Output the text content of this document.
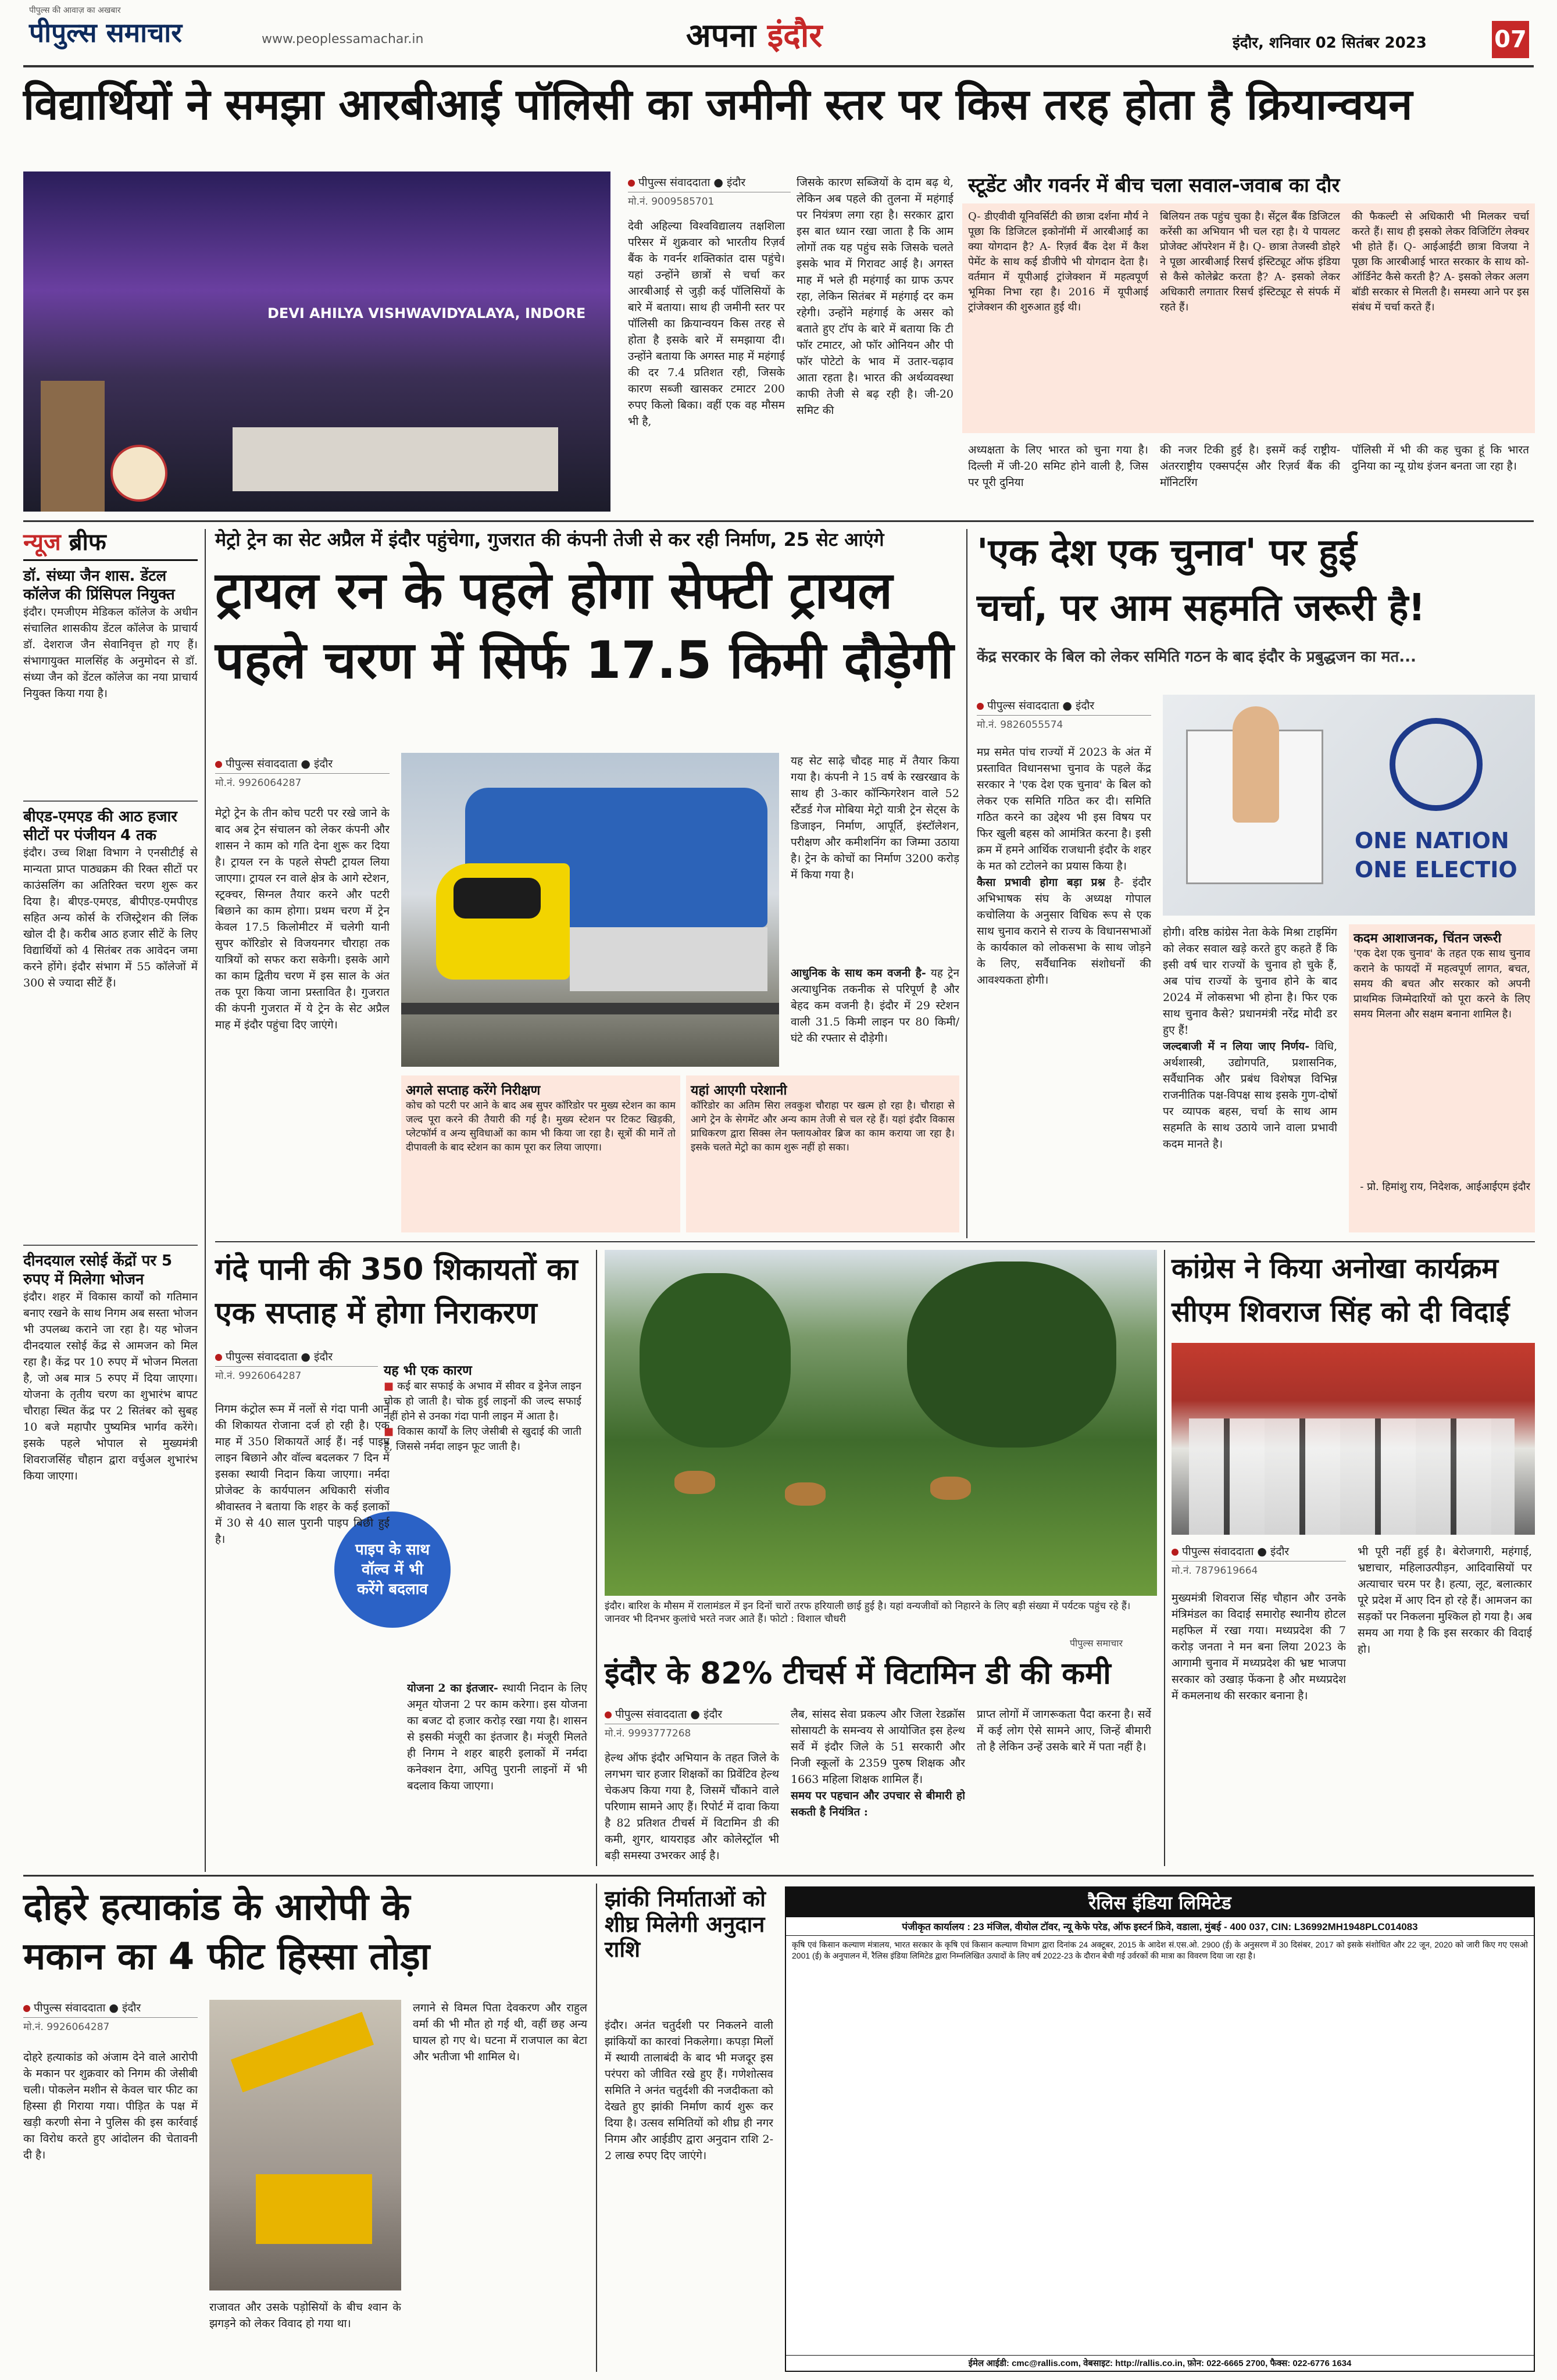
पीपुल्स की आवाज़ का अखबार
पीपुल्स समाचार	www.peoplessamachar.in	अपना इंदौर	इंदौर, शनिवार 02 सितंबर 2023	07
विद्यार्थियों ने समझा आरबीआई पॉलिसी का जमीनी स्तर पर किस तरह होता है क्रियान्वयन
DEVI AHILYA VISHWAVIDYALAYA, INDORE
पीपुल्स संवाददाता ● इंदौर
मो.नं. 9009585701
देवी अहिल्या विश्वविद्यालय तक्षशिला परिसर में शुक्रवार को भारतीय रिज़र्व बैंक के गवर्नर शक्तिकांत दास पहुंचे। यहां उन्होंने छात्रों से चर्चा कर आरबीआई से जुड़ी कई पॉलिसियों के बारे में बताया। साथ ही जमीनी स्तर पर पॉलिसी का क्रियान्वयन किस तरह से होता है इसके बारे में समझाया दी। उन्होंने बताया कि अगस्त माह में महंगाई की दर 7.4 प्रतिशत रही, जिसके कारण सब्जी खासकर टमाटर 200 रुपए किलो बिका। वहीं एक वह मौसम भी है,
जिसके कारण सब्जियों के दाम बढ़ थे, लेकिन अब पहले की तुलना में महंगाई पर नियंत्रण लगा रहा है। सरकार द्वारा इस बात ध्यान रखा जाता है कि आम लोगों तक यह पहुंच सके जिसके चलते इसके भाव में गिरावट आई है। अगस्त माह में भले ही महंगाई का ग्राफ ऊपर रहा, लेकिन सितंबर में महंगाई दर कम रहेगी। उन्होंने महंगाई के असर को बताते हुए टॉप के बारे में बताया कि टी फॉर टमाटर, ओ फॉर ओनियन और पी फॉर पोटेटो के भाव में उतार-चढ़ाव आता रहता है। भारत की अर्थव्यवस्था काफी तेजी से बढ़ रही है। जी-20 समिट की
स्टूडेंट और गवर्नर में बीच चला सवाल-जवाब का दौर
Q- डीएवीवी यूनिवर्सिटी की छात्रा दर्शना मौर्य ने पूछा कि डिजिटल इकोनॉमी में आरबीआई का क्या योगदान है? A- रिज़र्व बैंक देश में कैश पेमेंट के साथ कई डीजीपे भी योगदान देता है। वर्तमान में यूपीआई ट्रांजेक्शन में महत्वपूर्ण भूमिका निभा रहा है। 2016 में यूपीआई ट्रांजेक्शन की शुरुआत हुई थी।
बिलियन तक पहुंच चुका है। सेंट्रल बैंक डिजिटल करेंसी का अभियान भी चल रहा है। ये पायलट प्रोजेक्ट ऑपरेशन में है। Q- छात्रा तेजस्वी डोहरे ने पूछा आरबीआई रिसर्च इंस्टिट्यूट ऑफ इंडिया से कैसे कोलेब्रेट करता है? A- इसको लेकर अधिकारी लगातार रिसर्च इंस्टिट्यूट से संपर्क में रहते हैं।
की फैकल्टी से अधिकारी भी मिलकर चर्चा करते हैं। साथ ही इसको लेकर विजिटिंग लेक्चर भी होते हैं। Q- आईआईटी छात्रा विजया ने पूछा कि आरबीआई भारत सरकार के साथ को-ऑर्डिनेट कैसे करती है? A- इसको लेकर अलग बॉडी सरकार से मिलती है। समस्या आने पर इस संबंध में चर्चा करते हैं।
अध्यक्षता के लिए भारत को चुना गया है। दिल्ली में जी-20 समिट होने वाली है, जिस पर पूरी दुनिया
की नजर टिकी हुई है। इसमें कई राष्ट्रीय-अंतरराष्ट्रीय एक्सपर्ट्स और रिज़र्व बैंक की मॉनिटरिंग
पॉलिसी में भी की कह चुका हूं कि भारत दुनिया का न्यू ग्रोथ इंजन बनता जा रहा है।
न्यूज ब्रीफ
डॉ. संध्या जैन शास. डेंटल कॉलेज की प्रिंसिपल नियुक्त
इंदौर। एमजीएम मेडिकल कॉलेज के अधीन संचालित शासकीय डेंटल कॉलेज के प्राचार्य डॉ. देशराज जैन सेवानिवृत्त हो गए हैं। संभागायुक्त मालसिंह के अनुमोदन से डॉ. संध्या जैन को डेंटल कॉलेज का नया प्राचार्य नियुक्त किया गया है।
बीएड-एमएड की आठ हजार सीटों पर पंजीयन 4 तक
इंदौर। उच्च शिक्षा विभाग ने एनसीटीई से मान्यता प्राप्त पाठ्यक्रम की रिक्त सीटों पर काउंसलिंग का अतिरिक्त चरण शुरू कर दिया है। बीएड-एमएड, बीपीएड-एमपीएड सहित अन्य कोर्स के रजिस्ट्रेशन की लिंक खोल दी है। करीब आठ हजार सीटें के लिए विद्यार्थियों को 4 सितंबर तक आवेदन जमा करने होंगे। इंदौर संभाग में 55 कॉलेजों में 300 से ज्यादा सीटें हैं।
दीनदयाल रसोई केंद्रों पर 5 रुपए में मिलेगा भोजन
इंदौर। शहर में विकास कार्यों को गतिमान बनाए रखने के साथ निगम अब सस्ता भोजन भी उपलब्ध कराने जा रहा है। यह भोजन दीनदयाल रसोई केंद्र से आमजन को मिल रहा है। केंद्र पर 10 रुपए में भोजन मिलता है, जो अब मात्र 5 रुपए में दिया जाएगा। योजना के तृतीय चरण का शुभारंभ बापट चौराहा स्थित केंद्र पर 2 सितंबर को सुबह 10 बजे महापौर पुष्यमित्र भार्गव करेंगे। इसके पहले भोपाल से मुख्यमंत्री शिवराजसिंह चौहान द्वारा वर्चुअल शुभारंभ किया जाएगा।
मेट्रो ट्रेन का सेट अप्रैल में इंदौर पहुंचेगा, गुजरात की कंपनी तेजी से कर रही निर्माण, 25 सेट आएंगे
ट्रायल रन के पहले होगा सेफ्टी ट्रायल
पहले चरण में सिर्फ 17.5 किमी दौड़ेगी
पीपुल्स संवाददाता ● इंदौर
मो.नं. 9926064287
मेट्रो ट्रेन के तीन कोच पटरी पर रखे जाने के बाद अब ट्रेन संचालन को लेकर कंपनी और शासन ने काम को गति देना शुरू कर दिया है। ट्रायल रन के पहले सेफ्टी ट्रायल लिया जाएगा। ट्रायल रन वाले क्षेत्र के आगे स्टेशन, स्ट्रक्चर, सिग्नल तैयार करने और पटरी बिछाने का काम होगा। प्रथम चरण में ट्रेन केवल 17.5 किलोमीटर में चलेगी यानी सुपर कॉरिडोर से विजयनगर चौराहा तक यात्रियों को सफर करा सकेगी। इसके आगे का काम द्वितीय चरण में इस साल के अंत तक पूरा किया जाना प्रस्तावित है। गुजरात की कंपनी गुजरात में ये ट्रेन के सेट अप्रैल माह में इंदौर पहुंचा दिए जाएंगे।
यह सेट साढ़े चौदह माह में तैयार किया गया है। कंपनी ने 15 वर्ष के रखरखाव के साथ ही 3-कार कॉन्फिगरेशन वाले 52 स्टैंडर्ड गेज मोबिया मेट्रो यात्री ट्रेन सेट्स के डिजाइन, निर्माण, आपूर्ति, इंस्टॉलेशन, परीक्षण और कमीशनिंग का जिम्मा उठाया है। ट्रेन के कोचों का निर्माण 3200 करोड़ में किया गया है।
आधुनिक के साथ कम वजनी है- यह ट्रेन अत्याधुनिक तकनीक से परिपूर्ण है और बेहद कम वजनी है। इंदौर में 29 स्टेशन वाली 31.5 किमी लाइन पर 80 किमी/घंटे की रफ्तार से दौड़ेगी।
अगले सप्ताह करेंगे निरीक्षण
कोच को पटरी पर आने के बाद अब सुपर कॉरिडोर पर मुख्य स्टेशन का काम जल्द पूरा करने की तैयारी की गई है। मुख्य स्टेशन पर टिकट खिड़की, प्लेटफॉर्म व अन्य सुविधाओं का काम भी किया जा रहा है। सूत्रों की मानें तो दीपावली के बाद स्टेशन का काम पूरा कर लिया जाएगा।
यहां आएगी परेशानी
कॉरिडोर का अतिम सिरा लवकुश चौराहा पर खत्म हो रहा है। चौराहा से आगे ट्रेन के सेगमेंट और अन्य काम तेजी से चल रहे हैं। यहां इंदौर विकास प्राधिकरण द्वारा सिक्स लेन फ्लायओवर ब्रिज का काम कराया जा रहा है। इसके चलते मेट्रो का काम शुरू नहीं हो सका।
'एक देश एक चुनाव' पर हुई
चर्चा, पर आम सहमति जरूरी है!
केंद्र सरकार के बिल को लेकर समिति गठन के बाद इंदौर के प्रबुद्धजन का मत...
पीपुल्स संवाददाता ● इंदौर
मो.नं. 9826055574
मप्र समेत पांच राज्यों में 2023 के अंत में प्रस्तावित विधानसभा चुनाव के पहले केंद्र सरकार ने 'एक देश एक चुनाव' के बिल को लेकर एक समिति गठित कर दी। समिति गठित करने का उद्देश्य भी इस विषय पर फिर खुली बहस को आमंत्रित करना है। इसी क्रम में हमने आर्थिक राजधानी इंदौर के शहर के मत को टटोलने का प्रयास किया है।
कैसा प्रभावी होगा बड़ा प्रश्न है- इंदौर अभिभाषक संघ के अध्यक्ष गोपाल कचोलिया के अनुसार विधिक रूप से एक साथ चुनाव कराने से राज्य के विधानसभाओं के कार्यकाल को लोकसभा के साथ जोड़ने के लिए, सर्वैधानिक संशोधनों की आवश्यकता होगी।
ONE NATION
ONE ELECTIO
होगी। वरिष्ठ कांग्रेस नेता केके मिश्रा टाइमिंग को लेकर सवाल खड़े करते हुए कहते हैं कि इसी वर्ष चार राज्यों के चुनाव हो चुके हैं, अब पांच राज्यों के चुनाव होने के बाद 2024 में लोकसभा भी होना है। फिर एक साथ चुनाव कैसे? प्रधानमंत्री नरेंद्र मोदी डर हुए हैं!
जल्दबाजी में न लिया जाए निर्णय- विधि, अर्थशास्त्री, उद्योगपति, प्रशासनिक, सर्वैधानिक और प्रबंध विशेषज्ञ विभिन्न राजनीतिक पक्ष-विपक्ष साथ इसके गुण-दोषों पर व्यापक बहस, चर्चा के साथ आम सहमति के साथ उठाये जाने वाला प्रभावी कदम मानते है।
कदम आशाजनक, चिंतन जरूरी
'एक देश एक चुनाव' के तहत एक साथ चुनाव कराने के फायदों में महत्वपूर्ण लागत, बचत, समय की बचत और सरकार को अपनी प्राथमिक जिम्मेदारियों को पूरा करने के लिए समय मिलना और सक्षम बनाना शामिल है।
- प्रो. हिमांशु राय, निदेशक, आईआईएम इंदौर
गंदे पानी की 350 शिकायतों का
एक सप्ताह में होगा निराकरण
पीपुल्स संवाददाता ● इंदौर
मो.नं. 9926064287	यह भी एक कारण
■ कई बार सफाई के अभाव में सीवर व ड्रेनेज लाइन चोक हो जाती है। चोक हुई लाइनों की जल्द सफाई नहीं होने से उनका गंदा पानी लाइन में आता है।
■ विकास कार्यों के लिए जेसीबी से खुदाई की जाती है, जिससे नर्मदा लाइन फूट जाती है।
पाइप के साथ वॉल्व में भी करेंगे बदलाव
निगम कंट्रोल रूम में नलों से गंदा पानी आने की शिकायत रोजाना दर्ज हो रही है। एक माह में 350 शिकायतें आई हैं। नई पाइप लाइन बिछाने और वॉल्व बदलकर 7 दिन में इसका स्थायी निदान किया जाएगा। नर्मदा प्रोजेक्ट के कार्यपालन अधिकारी संजीव श्रीवास्तव ने बताया कि शहर के कई इलाकों में 30 से 40 साल पुरानी पाइप बिछी हुई है।
योजना 2 का इंतजार- स्थायी निदान के लिए अमृत योजना 2 पर काम करेगा। इस योजना का बजट दो हजार करोड़ रखा गया है। शासन से इसकी मंजूरी का इंतजार है। मंजूरी मिलते ही निगम ने शहर बाहरी इलाकों में नर्मदा कनेक्शन देगा, अपितु पुरानी लाइनों में भी बदलाव किया जाएगा।
इंदौर। बारिश के मौसम में रालामंडल में इन दिनों चारों तरफ हरियाली छाई हुई है। यहां वन्यजीवों को निहारने के लिए बड़ी संख्या में पर्यटक पहुंच रहे हैं। जानवर भी दिनभर कुलांचे भरते नजर आते हैं। फोटो : विशाल चौधरी
पीपुल्स समाचार
इंदौर के 82% टीचर्स में विटामिन डी की कमी
पीपुल्स संवाददाता ● इंदौर
मो.नं. 9993777268
हेल्थ ऑफ इंदौर अभियान के तहत जिले के लगभग चार हजार शिक्षकों का प्रिवेंटिव हेल्थ चेकअप किया गया है, जिसमें चौंकाने वाले परिणाम सामने आए हैं। रिपोर्ट में दावा किया है 82 प्रतिशत टीचर्स में विटामिन डी की कमी, शुगर, थायराइड और कोलेस्ट्रॉल भी बड़ी समस्या उभरकर आई है।
लैब, सांसद सेवा प्रकल्प और जिला रेडक्रॉस सोसायटी के समन्वय से आयोजित इस हेल्थ सर्वे में इंदौर जिले के 51 सरकारी और निजी स्कूलों के 2359 पुरुष शिक्षक और 1663 महिला शिक्षक शामिल हैं।
समय पर पहचान और उपचार से बीमारी हो सकती है नियंत्रित :
प्राप्त लोगों में जागरूकता पैदा करना है। सर्वे में कई लोग ऐसे सामने आए, जिन्हें बीमारी तो है लेकिन उन्हें उसके बारे में पता नहीं है।
कांग्रेस ने किया अनोखा कार्यक्रम
सीएम शिवराज सिंह को दी विदाई
पीपुल्स संवाददाता ● इंदौर
मो.नं. 7879619664
मुख्यमंत्री शिवराज सिंह चौहान और उनके मंत्रिमंडल का विदाई समारोह स्थानीय होटल महफिल में रखा गया। मध्यप्रदेश की 7 करोड़ जनता ने मन बना लिया 2023 के आगामी चुनाव में मध्यप्रदेश की भ्रष्ट भाजपा सरकार को उखाड़ फेंकना है और मध्यप्रदेश में कमलनाथ की सरकार बनाना है।
भी पूरी नहीं हुई है। बेरोजगारी, महंगाई, भ्रष्टाचार, महिलाउत्पीड़न, आदिवासियों पर अत्याचार चरम पर है। हत्या, लूट, बलात्कार पूरे प्रदेश में आए दिन हो रहे हैं। आमजन का सड़कों पर निकलना मुश्किल हो गया है। अब समय आ गया है कि इस सरकार की विदाई हो।
दोहरे हत्याकांड के आरोपी के
मकान का 4 फीट हिस्सा तोड़ा
पीपुल्स संवाददाता ● इंदौर
मो.नं. 9926064287
दोहरे हत्याकांड को अंजाम देने वाले आरोपी के मकान पर शुक्रवार को निगम की जेसीबी चली। पोकलेन मशीन से केवल चार फीट का हिस्सा ही गिराया गया। पीड़ित के पक्ष में खड़ी करणी सेना ने पुलिस की इस कार्रवाई का विरोध करते हुए आंदोलन की चेतावनी दी है।
राजावत और उसके पड़ोसियों के बीच श्वान के झगड़ने को लेकर विवाद हो गया था।
लगाने से विमल पिता देवकरण और राहुल वर्मा की भी मौत हो गई थी, वहीं छह अन्य घायल हो गए थे। घटना में राजपाल का बेटा और भतीजा भी शामिल थे।
झांकी निर्माताओं को शीघ्र मिलेगी अनुदान राशि
इंदौर। अनंत चतुर्दशी पर निकलने वाली झांकियों का कारवां निकलेगा। कपड़ा मिलों में स्थायी तालाबंदी के बाद भी मजदूर इस परंपरा को जीवित रखे हुए हैं। गणेशोत्सव समिति ने अनंत चतुर्दशी की नजदीकता को देखते हुए झांकी निर्माण कार्य शुरू कर दिया है। उत्सव समितियों को शीघ्र ही नगर निगम और आईडीए द्वारा अनुदान राशि 2-2 लाख रुपए दिए जाएंगे।
रैलिस इंडिया लिमिटेड
पंजीकृत कार्यालय : 23 मंजिल, वीयोल टॉवर, न्यू केफे परेड, ऑफ इस्टर्न फ्रिवे, वडाला, मुंबई - 400 037, CIN: L36992MH1948PLC014083
कृषि एवं किसान कल्याण मंत्रालय, भारत सरकार के कृषि एवं किसान कल्याण विभाग द्वारा दिनांक 24 अक्टूबर, 2015 के आदेश सं.एस.ओ. 2900 (ई) के अनुसरण में 30 दिसंबर, 2017 को इसके संशोधित और 22 जून, 2020 को जारी किए गए एसओ 2001 (ई) के अनुपालन में, रैलिस इंडिया लिमिटेड द्वारा निम्नलिखित उत्पादों के लिए वर्ष 2022-23 के दौरान बेची गई उर्वरकों की मात्रा का विवरण दिया जा रहा है।
ईमेल आईडी: cmc@rallis.com, वेबसाइट: http://rallis.co.in, फ़ोन: 022-6665 2700, फैक्स: 022-6776 1634
